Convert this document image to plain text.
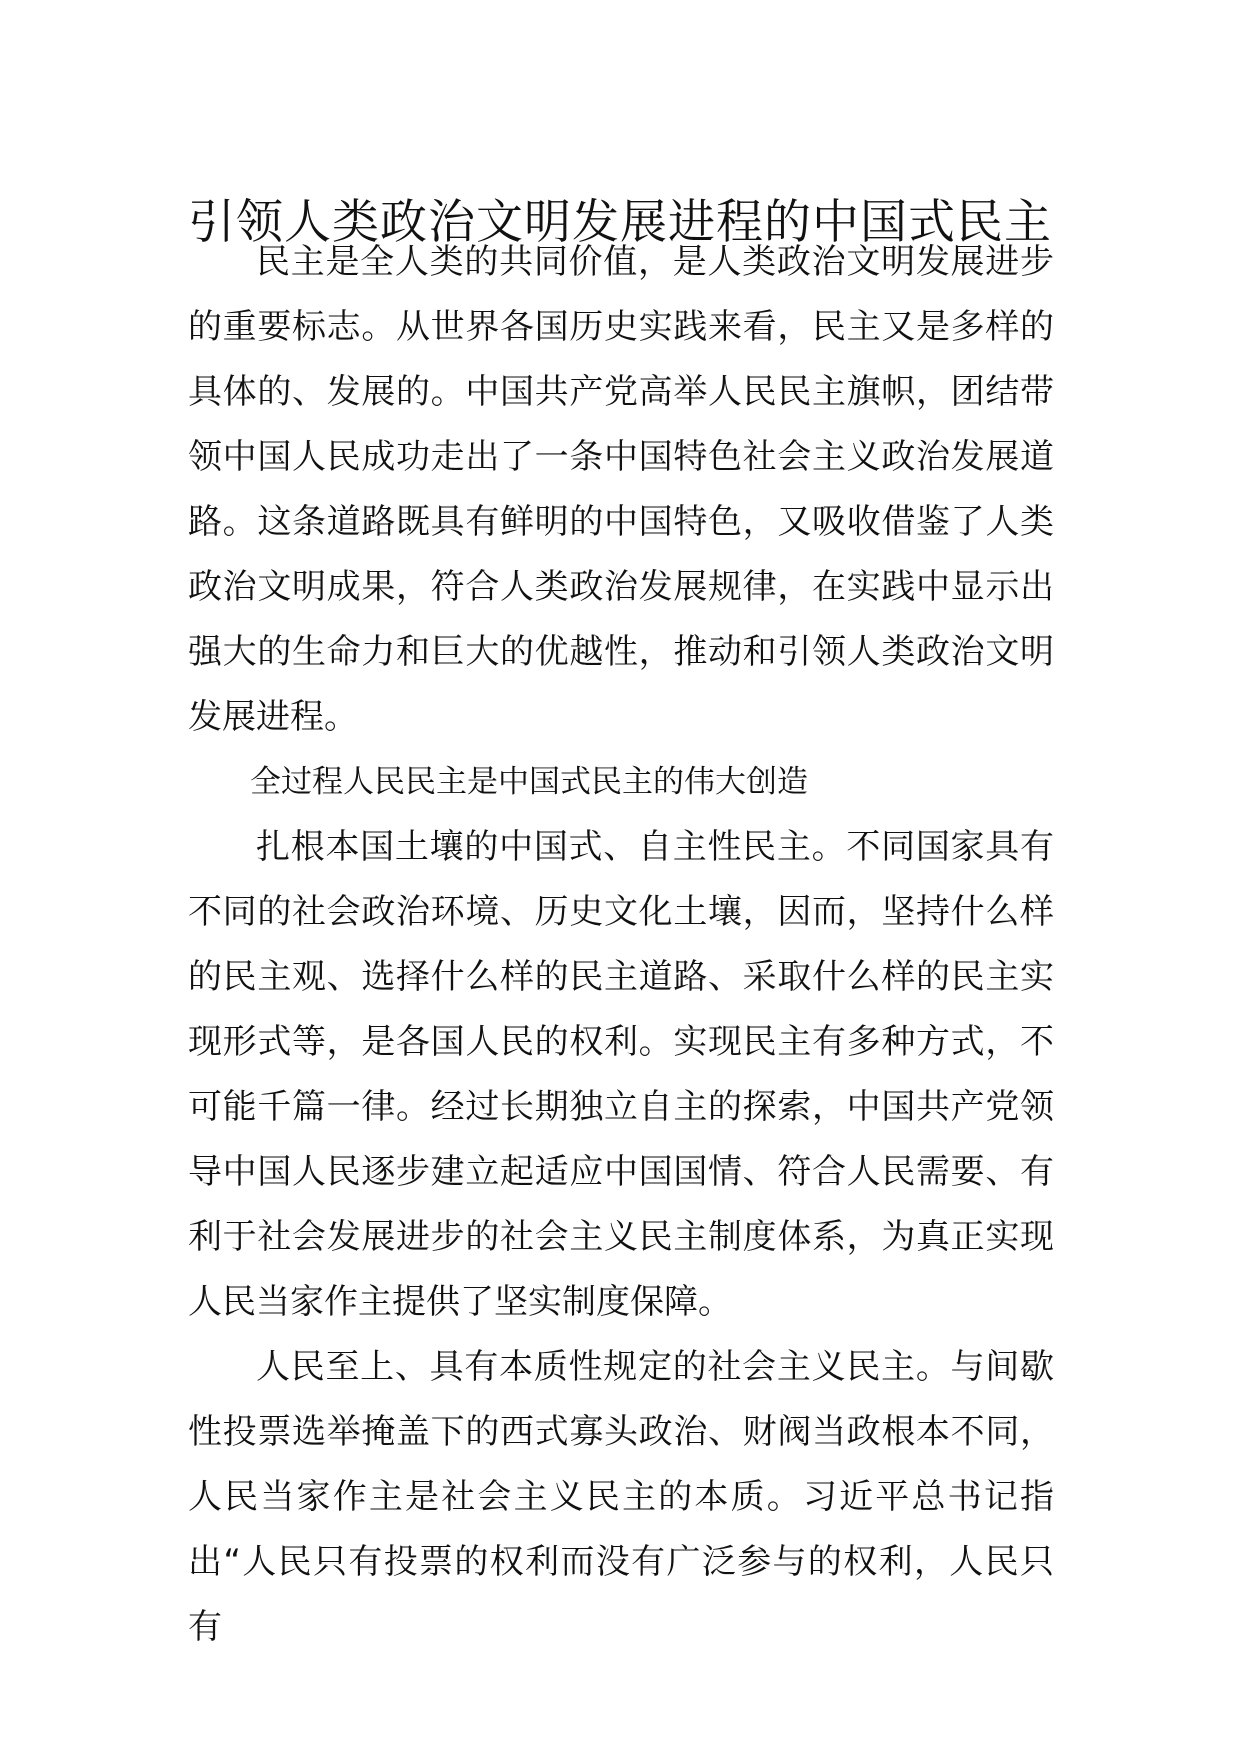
引领人类政治文明发展进程的中国式民主

民主是全人类的共同价值，是人类政治文明发展进步的重要标志。从世界各国历史实践来看，民主又是多样的具体的、发展的。中国共产党高举人民民主旗帜，团结带领中国人民成功走出了一条中国特色社会主义政治发展道路。这条道路既具有鲜明的中国特色，又吸收借鉴了人类政治文明成果，符合人类政治发展规律，在实践中显示出强大的生命力和巨大的优越性，推动和引领人类政治文明发展进程。

全过程人民民主是中国式民主的伟大创造

扎根本国土壤的中国式、自主性民主。不同国家具有不同的社会政治环境、历史文化土壤，因而，坚持什么样的民主观、选择什么样的民主道路、采取什么样的民主实现形式等，是各国人民的权利。实现民主有多种方式，不可能千篇一律。经过长期独立自主的探索，中国共产党领导中国人民逐步建立起适应中国国情、符合人民需要、有利于社会发展进步的社会主义民主制度体系，为真正实现人民当家作主提供了坚实制度保障。

人民至上、具有本质性规定的社会主义民主。与间歇性投票选举掩盖下的西式寡头政治、财阀当政根本不同，人民当家作主是社会主义民主的本质。习近平总书记指出“人民只有投票的权利而没有广泛参与的权利，人民只有
